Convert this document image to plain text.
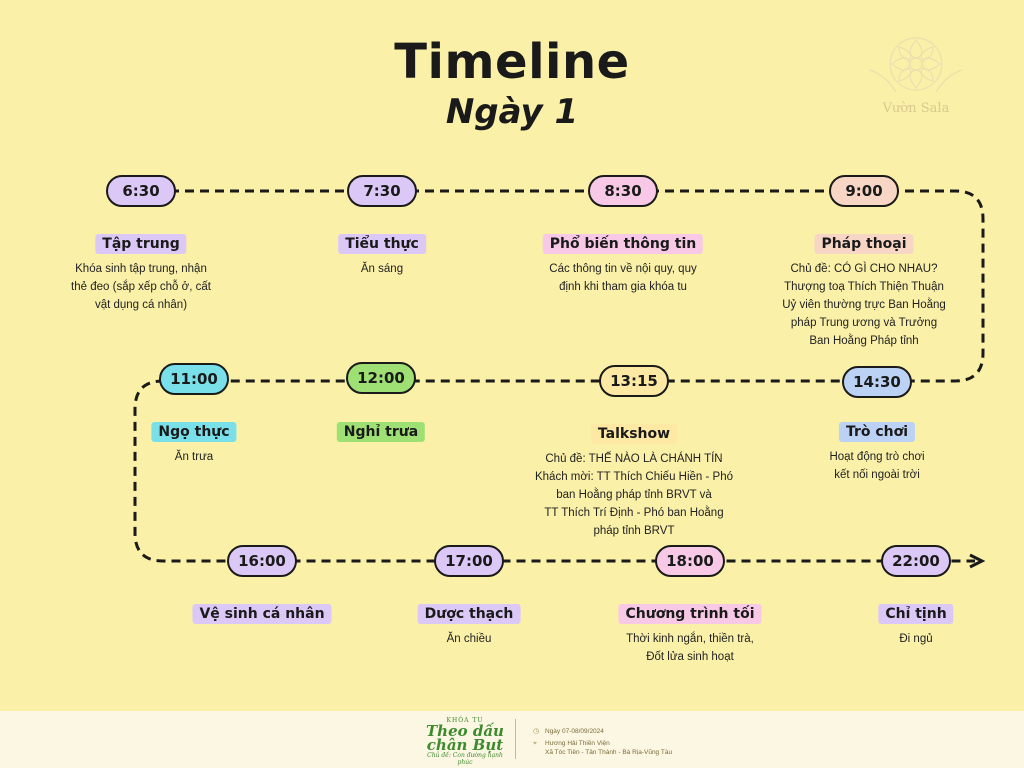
Timeline
Ngày 1	Vườn Sala
6:30
Tập trung
Khóa sinh tập trung, nhận
thẻ đeo (sắp xếp chỗ ở, cất
vật dụng cá nhân)
7:30
Tiểu thực
Ăn sáng
8:30
Phổ biến thông tin
Các thông tin về nội quy, quy
định khi tham gia khóa tu
9:00
Pháp thoại
Chủ đề: CÓ GÌ CHO NHAU?
Thượng toạ Thích Thiện Thuận
Uỷ viên thường trực Ban Hoằng
pháp Trung ương và Trưởng
Ban Hoằng Pháp tỉnh
14:30
Trò chơi
Hoạt động trò chơi
kết nối ngoài trời
13:15
Talkshow
Chủ đề: THẾ NÀO LÀ CHÁNH TÍN
Khách mời: TT Thích Chiếu Hiền - Phó
ban Hoằng pháp tỉnh BRVT và
TT Thích Trí Định - Phó ban Hoằng
pháp tỉnh BRVT
12:00
Nghỉ trưa
11:00
Ngọ thực
Ăn trưa
16:00
Vệ sinh cá nhân
17:00
Dược thạch
Ăn chiều
18:00
Chương trình tối
Thời kinh ngắn, thiền trà,
Đốt lửa sinh hoạt
22:00
Chỉ tịnh
Đi ngủ
KHÓA TU
Theo dấu
chân Bụt
Chủ đề: Con đường hạnh phúc
◷ Ngày 07-08/09/2024
⌖	Hương Hải Thiền Viện
Xã Tóc Tiên - Tân Thành - Bà Rịa-Vũng Tàu
